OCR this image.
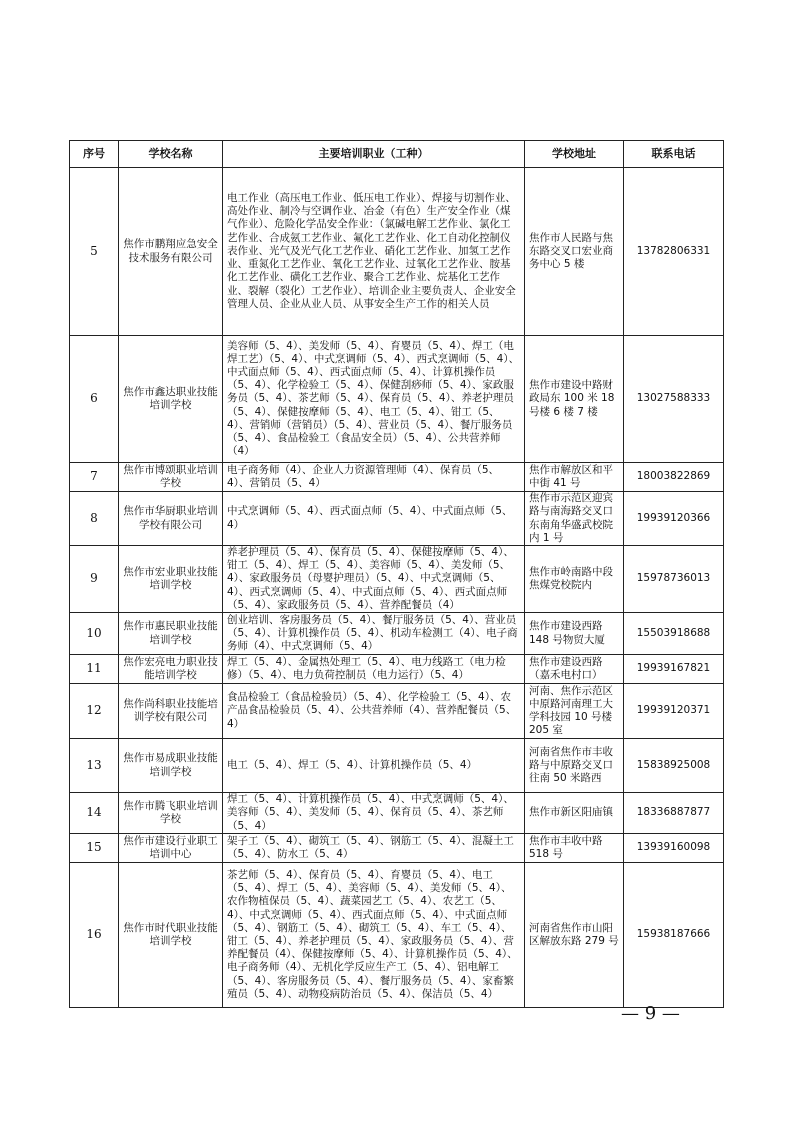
序号	学校名称	主要培训职业（工种）	学校地址	联系电话
5	焦作市鹏翔应急安全技术服务有限公司	电工作业（高压电工作业、低压电工作业）、焊接与切割作业、高处作业、制冷与空调作业、冶金（有色）生产安全作业（煤气作业）、危险化学品安全作业：（氯碱电解工艺作业、氯化工艺作业、合成氨工艺作业、氟化工艺作业、化工自动化控制仪表作业、光气及光气化工艺作业、硝化工艺作业、加氢工艺作业、重氮化工艺作业、氧化工艺作业、过氧化工艺作业、胺基化工艺作业、磺化工艺作业、聚合工艺作业、烷基化工艺作业、裂解（裂化）工艺作业）、培训企业主要负责人、企业安全管理人员、企业从业人员、从事安全生产工作的相关人员	焦作市人民路与焦东路交叉口宏业商务中心 5 楼	13782806331
6	焦作市鑫达职业技能培训学校	美容师（5、4）、美发师（5、4）、育婴员（5、4）、焊工（电焊工艺）（5、4）、中式烹调师（5、4）、西式烹调师（5、4）、中式面点师（5、4）、西式面点师（5、4）、计算机操作员（5、4）、化学检验工（5、4）、保健刮痧师（5、4）、家政服务员（5、4）、茶艺师（5、4）、保育员（5、4）、养老护理员（5、4）、保健按摩师（5、4）、电工（5、4）、钳工（5、4）、营销师（营销员）（5、4）、营业员（5、4）、餐厅服务员（5、4）、食品检验工（食品安全员）（5、4）、公共营养师（4）	焦作市建设中路财政局东 100 米 18 号楼 6 楼 7 楼	13027588333
7	焦作市博颂职业培训学校	电子商务师（4）、企业人力资源管理师（4）、保育员（5、4）、营销员（5、4）	焦作市解放区和平中街 41 号	18003822869
8	焦作市华厨职业培训学校有限公司	中式烹调师（5、4）、西式面点师（5、4）、中式面点师（5、4）	焦作市示范区迎宾路与南海路交叉口东南角华盛武校院内 1 号	19939120366
9	焦作市宏业职业技能培训学校	养老护理员（5、4）、保育员（5、4）、保健按摩师（5、4）、钳工（5、4）、焊工（5、4）、美容师（5、4）、美发师（5、4）、家政服务员（母婴护理员）（5、4）、中式烹调师（5、4）、西式烹调师（5、4）、中式面点师（5、4）、西式面点师（5、4）、家政服务员（5、4）、营养配餐员（4）	焦作市岭南路中段焦煤党校院内	15978736013
10	焦作市惠民职业技能培训学校	创业培训、客房服务员（5、4）、餐厅服务员（5、4）、营业员（5、4）、计算机操作员（5、4）、机动车检测工（4）、电子商务师（4）、中式烹调师（5、4）	焦作市建设西路 148 号物贸大厦	15503918688
11	焦作宏亮电力职业技能培训学校	焊工（5、4）、金属热处理工（5、4）、电力线路工（电力检修）（5、4）、电力负荷控制员（电力运行）（5、4）	焦作市建设西路（嘉禾电村口）	19939167821
12	焦作尚科职业技能培训学校有限公司	食品检验工（食品检验员）（5、4）、化学检验工（5、4）、农产品食品检验员（5、4）、公共营养师（4）、营养配餐员（5、4）	河南、焦作示范区中原路河南理工大学科技园 10 号楼 205 室	19939120371
13	焦作市易成职业技能培训学校	电工（5、4）、焊工（5、4）、计算机操作员（5、4）	河南省焦作市丰收路与中原路交叉口往南 50 米路西	15838925008
14	焦作市腾飞职业培训学校	焊工（5、4）、计算机操作员（5、4）、中式烹调师（5、4）、美容师（5、4）、美发师（5、4）、保育员（5、4）、茶艺师（5、4）	焦作市新区阳庙镇	18336887877
15	焦作市建设行业职工培训中心	架子工（5、4）、砌筑工（5、4）、钢筋工（5、4）、混凝土工（5、4）、防水工（5、4）	焦作市丰收中路 518 号	13939160098
16	焦作市时代职业技能培训学校	茶艺师（5、4）、保育员（5、4）、育婴员（5、4）、电工（5、4）、焊工（5、4）、美容师（5、4）、美发师（5、4）、农作物植保员（5、4）、蔬菜园艺工（5、4）、农艺工（5、4）、中式烹调师（5、4）、西式面点师（5、4）、中式面点师（5、4）、钢筋工（5、4）、砌筑工（5、4）、车工（5、4）、钳工（5、4）、养老护理员（5、4）、家政服务员（5、4）、营养配餐员（4）、保健按摩师（5、4）、计算机操作员（5、4）、电子商务师（4）、无机化学反应生产工（5、4）、铝电解工（5、4）、客房服务员（5、4）、餐厅服务员（5、4）、家畜繁殖员（5、4）、动物疫病防治员（5、4）、保洁员（5、4）	河南省焦作市山阳区解放东路 279 号	15938187666
— 9 —
